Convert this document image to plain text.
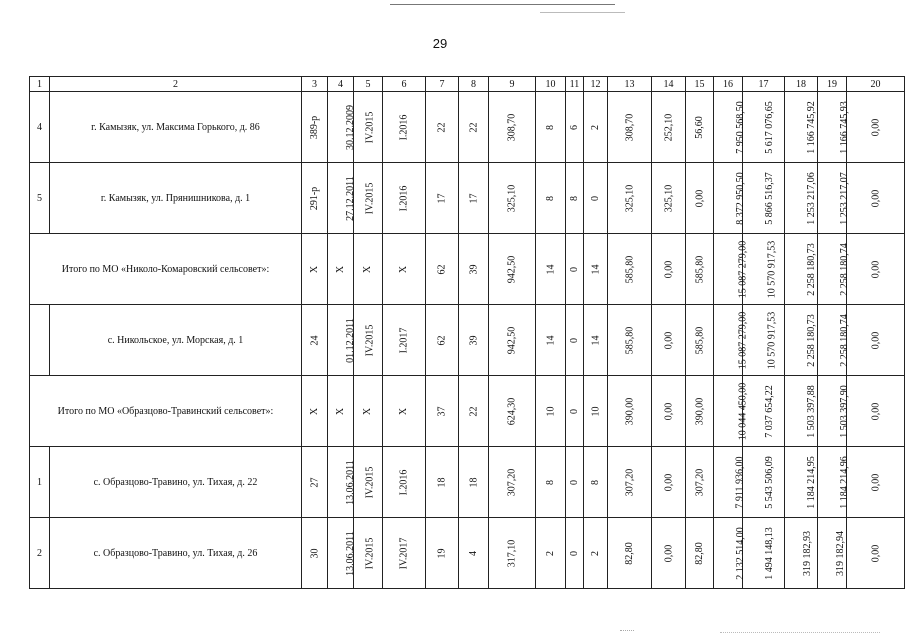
29
1	2	3	4	5	6	7	8	9	10	11	12	13	14	15	16	17	18	19	20
4	г. Камызяк, ул. Максима Горького, д. 86	389-р	30.12.2009	IV.2015	I.2016	22	22	308,70	8	6	2	308,70	252,10	56,60	7 950 568,50	5 617 076,65	1 166 745,92	1 166 745,93	0,00
5	г. Камызяк, ул. Прянишникова, д. 1	291-р	27.12.2011	IV.2015	I.2016	17	17	325,10	8	8	0	325,10	325,10	0,00	8 372 950,50	5 866 516,37	1 253 217,06	1 253 217,07	0,00
Итого по МО «Николо-Комаровский сельсовет»:		Х	Х	Х	Х	62	39	942,50	14	0	14	585,80	0,00	585,80	15 087 279,00	10 570 917,53	2 258 180,73	2 258 180,74	0,00
	с. Никольское, ул. Морская, д. 1	24	01.12.2011	IV.2015	I.2017	62	39	942,50	14	0	14	585,80	0,00	585,80	15 087 279,00	10 570 917,53	2 258 180,73	2 258 180,74	0,00
Итого по МО «Образцово-Травинский сельсовет»:		Х	Х	Х	Х	37	22	624,30	10	0	10	390,00	0,00	390,00	10 044 450,00	7 037 654,22	1 503 397,88	1 503 397,90	0,00
1	с. Образцово-Травино, ул. Тихая, д. 22	27	13.06.2011	IV.2015	I.2016	18	18	307,20	8	0	8	307,20	0,00	307,20	7 911 936,00	5 543 506,09	1 184 214,95	1 184 214,96	0,00
2	с. Образцово-Травино, ул. Тихая, д. 26	30	13.06.2011	IV.2015	IV.2017	19	4	317,10	2	0	2	82,80	0,00	82,80	2 132 514,00	1 494 148,13	319 182,93	319 182,94	0,00
